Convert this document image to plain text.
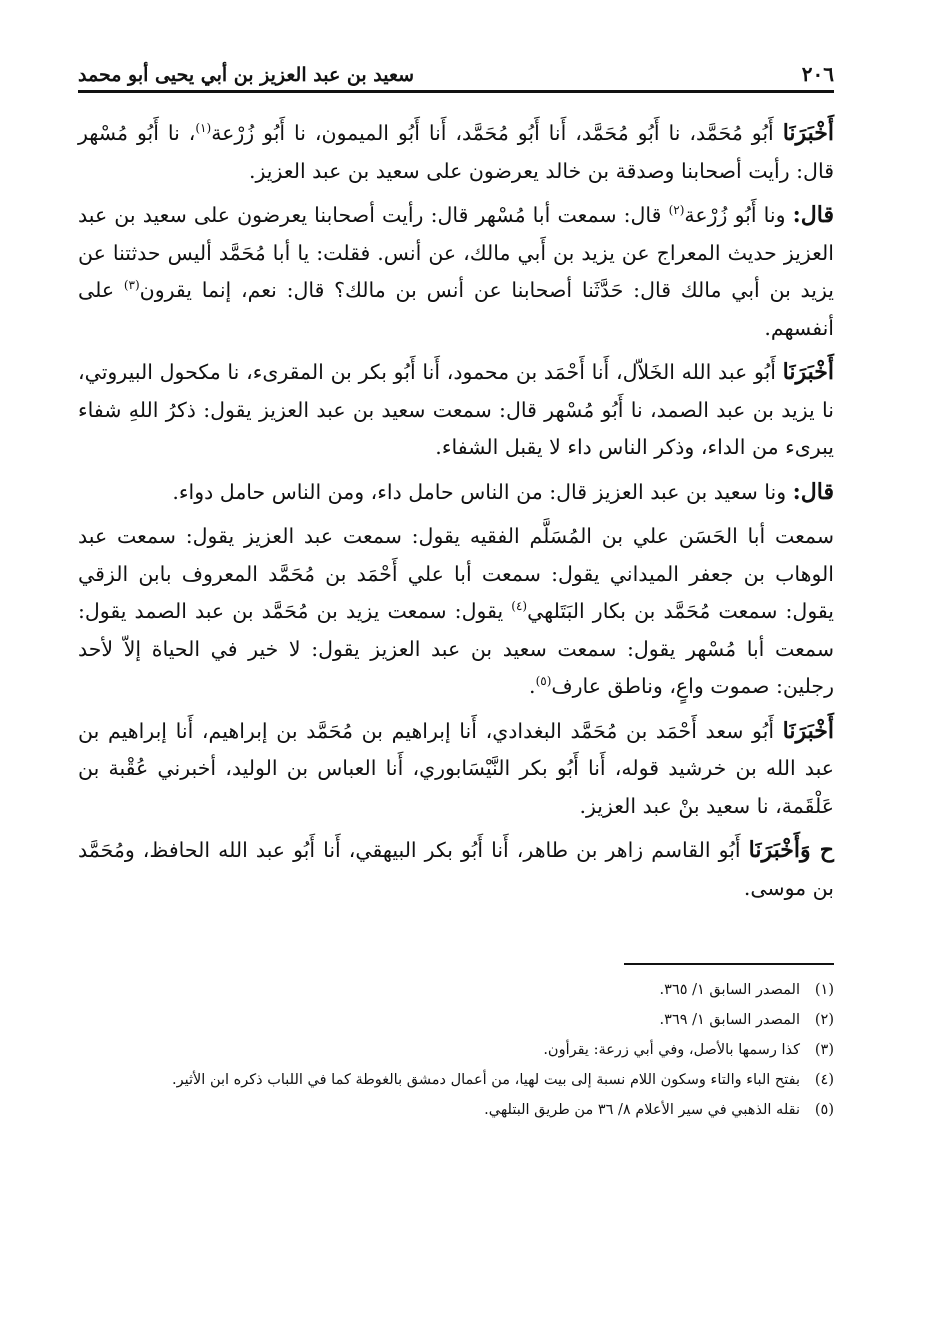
٢٠٦
سعيد بن عبد العزيز بن أبي يحيى أبو محمد

أَخْبَرَنَا أَبُو مُحَمَّد، نا أَبُو مُحَمَّد، أَنا أَبُو مُحَمَّد، أَنا أَبُو الميمون، نا أَبُو زُرْعة$^{(١)}$، نا أَبُو مُسْهر قال: رأيت أصحابنا وصدقة بن خالد يعرضون على سعيد بن عبد العزيز.

قال: ونا أَبُو زُرْعة$^{(٢)}$ قال: سمعت أبا مُسْهر قال: رأيت أصحابنا يعرضون على سعيد بن عبد العزيز حديث المعراج عن يزيد بن أَبي مالك، عن أنس. فقلت: يا أبا مُحَمَّد أليس حدثتنا عن يزيد بن أبي مالك قال: حَدَّثَنا أصحابنا عن أنس بن مالك؟ قال: نعم، إنما يقرون$^{(٣)}$ على أنفسهم.

أَخْبَرَنَا أَبُو عبد الله الخَلاّل، أَنا أَحْمَد بن محمود، أَنا أَبُو بكر بن المقرىء، نا مكحول البيروتي، نا يزيد بن عبد الصمد، نا أَبُو مُسْهر قال: سمعت سعيد بن عبد العزيز يقول: ذكرُ اللهِ شفاء يبرىء من الداء، وذكر الناس داء لا يقبل الشفاء.

قال: ونا سعيد بن عبد العزيز قال: من الناس حامل داء، ومن الناس حامل دواء.

سمعت أبا الحَسَن علي بن المُسَلَّم الفقيه يقول: سمعت عبد العزيز يقول: سمعت عبد الوهاب بن جعفر الميداني يقول: سمعت أبا علي أَحْمَد بن مُحَمَّد المعروف بابن الزقي يقول: سمعت مُحَمَّد بن بكار البَتَلهي$^{(٤)}$ يقول: سمعت يزيد بن مُحَمَّد بن عبد الصمد يقول: سمعت أبا مُسْهر يقول: سمعت سعيد بن عبد العزيز يقول: لا خير في الحياة إلاّ لأحد رجلين: صموت واعٍ، وناطق عارف$^{(٥)}$.

أَخْبَرَنَا أَبُو سعد أَحْمَد بن مُحَمَّد البغدادي، أَنا إبراهيم بن مُحَمَّد بن إبراهيم، أَنا إبراهيم بن عبد الله بن خرشيد قوله، أَنا أَبُو بكر النَّيْسَابوري، أَنا العباس بن الوليد، أخبرني عُقْبة بن عَلْقَمة، نا سعيد بنْ عبد العزيز.

ح وَأَخْبَرَنَا أَبُو القاسم زاهر بن طاهر، أَنا أَبُو بكر البيهقي، أَنا أَبُو عبد الله الحافظ، ومُحَمَّد بن موسى.

(١)
المصدر السابق ١/ ٣٦٥.
(٢)
المصدر السابق ١/ ٣٦٩.
(٣)
كذا رسمها بالأصل، وفي أبي زرعة: يقرأون.
(٤)
بفتح الباء والتاء وسكون اللام نسبة إلى بيت لهيا، من أعمال دمشق بالغوطة كما في اللباب ذكره ابن الأثير.
(٥)
نقله الذهبي في سير الأعلام ٨/ ٣٦ من طريق البتلهي.
